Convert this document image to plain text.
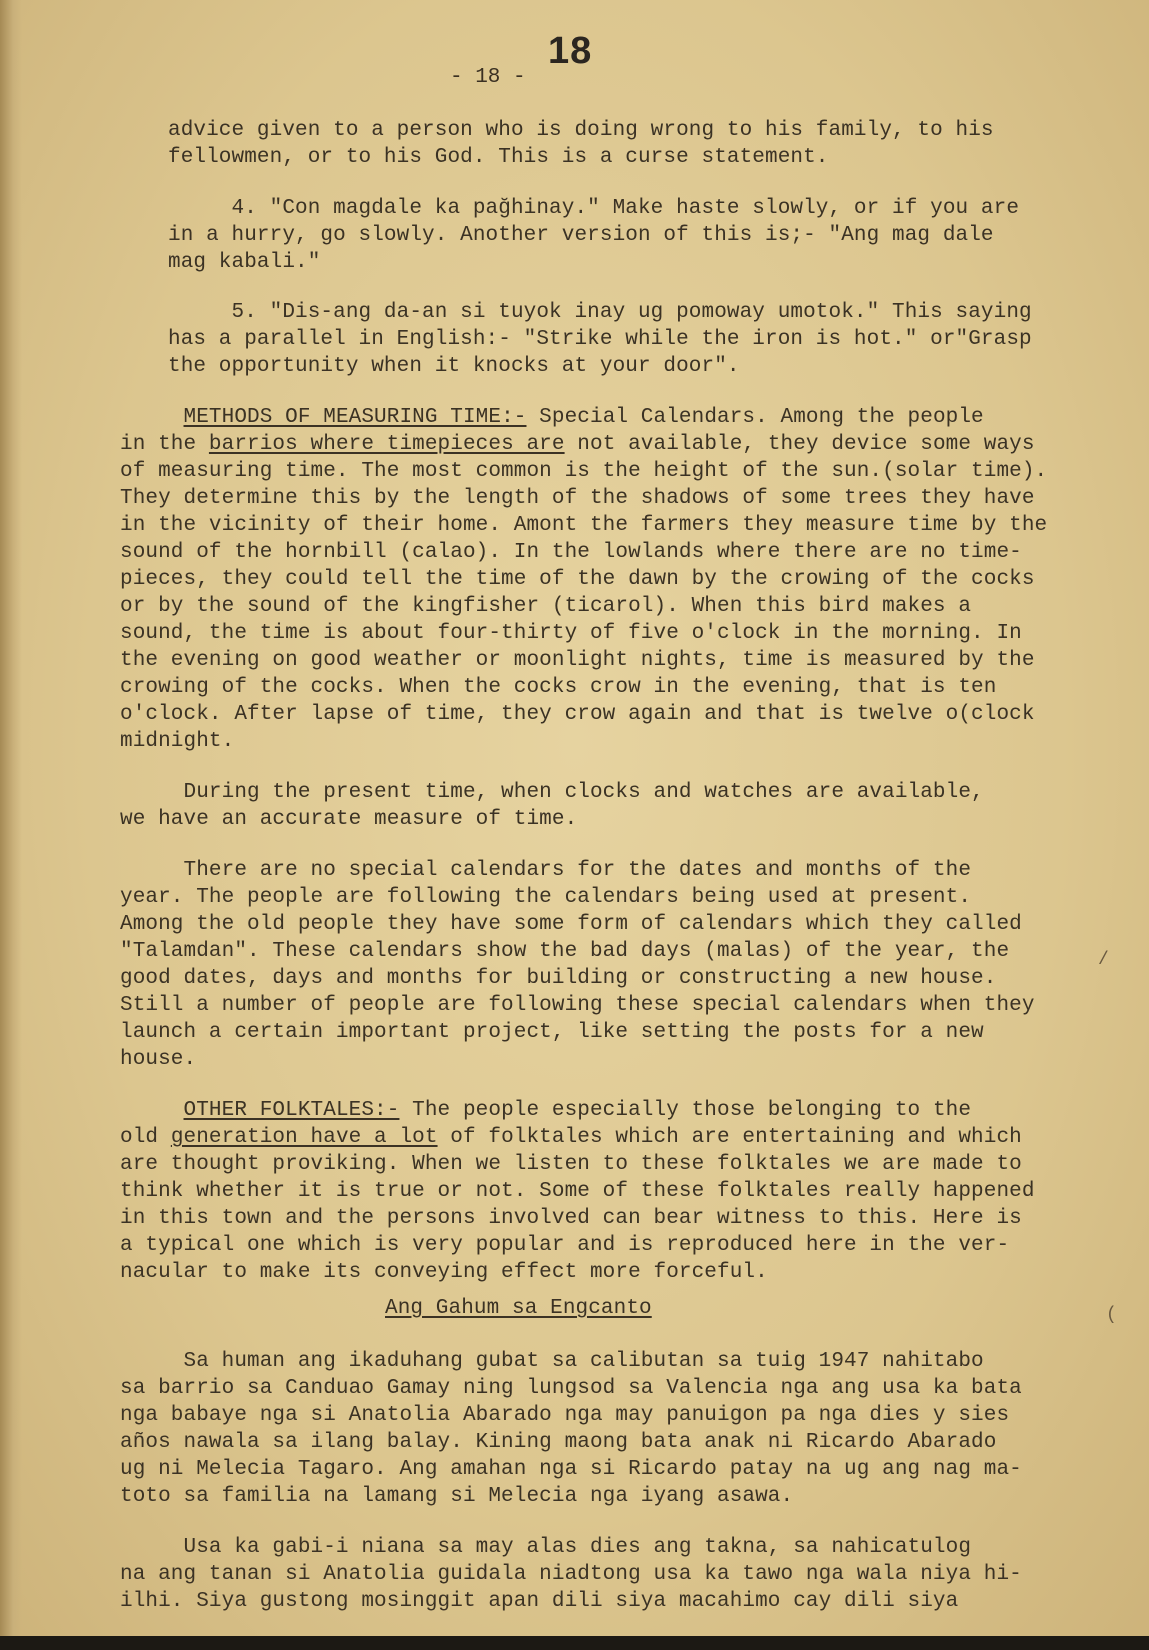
18
- 18 -
advice given to a person who is doing wrong to his family, to his
fellowmen, or to his God. This is a curse statement.
4. "Con magdale ka pağhinay." Make haste slowly, or if you are
in a hurry, go slowly. Another version of this is;- "Ang mag dale
mag kabali."
5. "Dis-ang da-an si tuyok inay ug pomoway umotok." This saying
has a parallel in English:- "Strike while the iron is hot." or"Grasp
the opportunity when it knocks at your door".
METHODS OF MEASURING TIME:- Special Calendars. Among the people
in the barrios where timepieces are not available, they device some ways
of measuring time. The most common is the height of the sun.(solar time).
They determine this by the length of the shadows of some trees they have
in the vicinity of their home. Amont the farmers they measure time by the
sound of the hornbill (calao). In the lowlands where there are no time-
pieces, they could tell the time of the dawn by the crowing of the cocks
or by the sound of the kingfisher (ticarol). When this bird makes a
sound, the time is about four-thirty of five o'clock in the morning. In
the evening on good weather or moonlight nights, time is measured by the
crowing of the cocks. When the cocks crow in the evening, that is ten
o'clock. After lapse of time, they crow again and that is twelve o(clock
midnight.
During the present time, when clocks and watches are available,
we have an accurate measure of time.
There are no special calendars for the dates and months of the
year. The people are following the calendars being used at present.
Among the old people they have some form of calendars which they called
"Talamdan". These calendars show the bad days (malas) of the year, the
good dates, days and months for building or constructing a new house.
Still a number of people are following these special calendars when they
launch a certain important project, like setting the posts for a new
house.
OTHER FOLKTALES:- The people especially those belonging to the
old generation have a lot of folktales which are entertaining and which
are thought proviking. When we listen to these folktales we are made to
think whether it is true or not. Some of these folktales really happened
in this town and the persons involved can bear witness to this. Here is
a typical one which is very popular and is reproduced here in the ver-
nacular to make its conveying effect more forceful.
Ang Gahum sa Engcanto
Sa human ang ikaduhang gubat sa calibutan sa tuig 1947 nahitabo
sa barrio sa Canduao Gamay ning lungsod sa Valencia nga ang usa ka bata
nga babaye nga si Anatolia Abarado nga may panuigon pa nga dies y sies
años nawala sa ilang balay. Kining maong bata anak ni Ricardo Abarado
ug ni Melecia Tagaro. Ang amahan nga si Ricardo patay na ug ang nag ma-
toto sa familia na lamang si Melecia nga iyang asawa.
Usa ka gabi-i niana sa may alas dies ang takna, sa nahicatulog
na ang tanan si Anatolia guidala niadtong usa ka tawo nga wala niya hi-
ilhi. Siya gustong mosinggit apan dili siya macahimo cay dili siya
/
(
